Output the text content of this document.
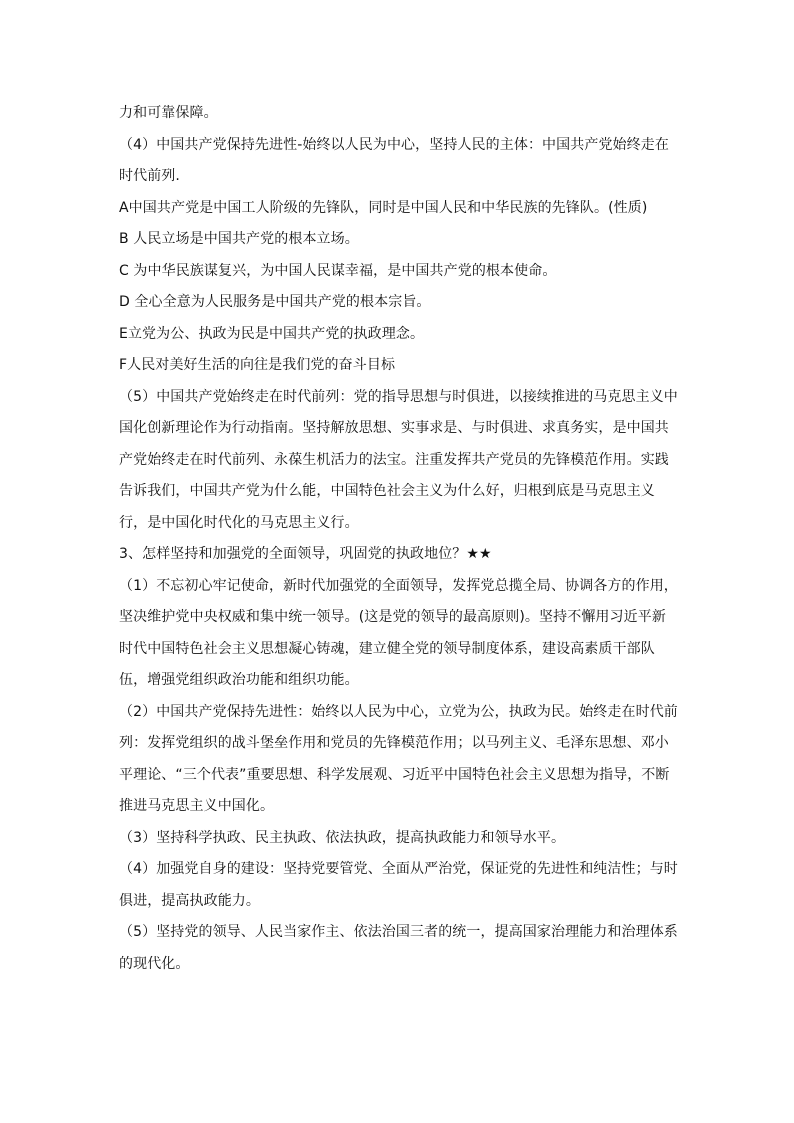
力和可靠保障。

（4）中国共产党保持先进性-始终以人民为中心，坚持人民的主体：中国共产党始终走在时代前列.

A中国共产党是中国工人阶级的先锋队，同时是中国人民和中华民族的先锋队。(性质)

B 人民立场是中国共产党的根本立场。

C 为中华民族谋复兴，为中国人民谋幸福，是中国共产党的根本使命。

D 全心全意为人民服务是中国共产党的根本宗旨。

E立党为公、执政为民是中国共产党的执政理念。

F人民对美好生活的向往是我们党的奋斗目标

（5）中国共产党始终走在时代前列：党的指导思想与时俱进，以接续推进的马克思主义中国化创新理论作为行动指南。坚持解放思想、实事求是、与时俱进、求真务实，是中国共产党始终走在时代前列、永葆生机活力的法宝。注重发挥共产党员的先锋模范作用。实践告诉我们，中国共产党为什么能，中国特色社会主义为什么好，归根到底是马克思主义行，是中国化时代化的马克思主义行。

3、怎样坚持和加强党的全面领导，巩固党的执政地位？★★

（1）不忘初心牢记使命，新时代加强党的全面领导，发挥党总揽全局、协调各方的作用，坚决维护党中央权威和集中统一领导。(这是党的领导的最高原则)。坚持不懈用习近平新时代中国特色社会主义思想凝心铸魂，建立健全党的领导制度体系，建设高素质干部队伍，增强党组织政治功能和组织功能。

（2）中国共产党保持先进性：始终以人民为中心，立党为公，执政为民。始终走在时代前列：发挥党组织的战斗堡垒作用和党员的先锋模范作用；以马列主义、毛泽东思想、邓小平理论、“三个代表”重要思想、科学发展观、习近平中国特色社会主义思想为指导，不断推进马克思主义中国化。

（3）坚持科学执政、民主执政、依法执政，提高执政能力和领导水平。

（4）加强党自身的建设：坚持党要管党、全面从严治党，保证党的先进性和纯洁性；与时俱进，提高执政能力。

（5）坚持党的领导、人民当家作主、依法治国三者的统一，提高国家治理能力和治理体系的现代化。
